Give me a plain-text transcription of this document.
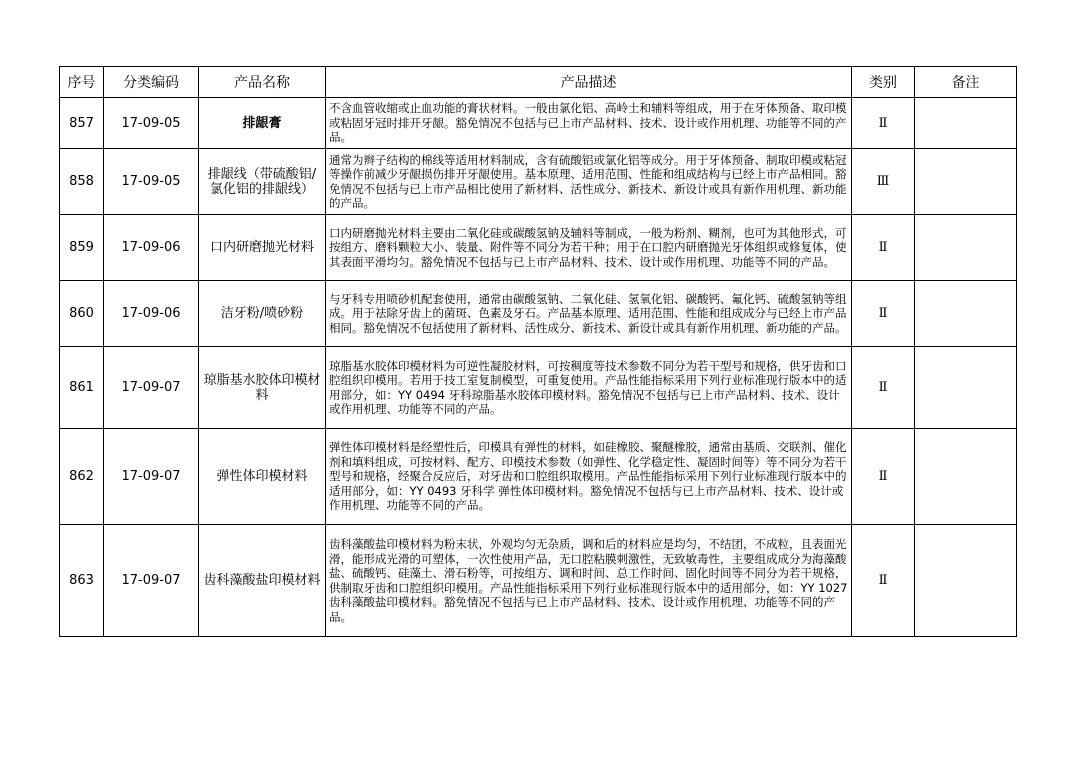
序号	分类编码	产品名称	产品描述	类别	备注
857	17-09-05	排龈膏	不含血管收缩或止血功能的膏状材料。一般由氯化铝、高岭土和辅料等组成，用于在牙体预备、取印模或粘固牙冠时排开牙龈。豁免情况不包括与已上市产品材料、技术、设计或作用机理、功能等不同的产品。	Ⅱ	
858	17-09-05	排龈线（带硫酸铝/氯化铝的排龈线）	通常为辫子结构的棉线等适用材料制成，含有硫酸铝或氯化铝等成分。用于牙体预备、制取印模或粘冠等操作前减少牙龈损伤排开牙龈使用。基本原理、适用范围、性能和组成结构与已经上市产品相同。豁免情况不包括与已上市产品相比使用了新材料、活性成分、新技术、新设计或具有新作用机理、新功能的产品。	Ⅲ	
859	17-09-06	口内研磨抛光材料	口内研磨抛光材料主要由二氧化硅或碳酸氢钠及辅料等制成，一般为粉剂、糊剂，也可为其他形式，可按组方、磨料颗粒大小、装量、附件等不同分为若干种；用于在口腔内研磨抛光牙体组织或修复体，使其表面平滑均匀。豁免情况不包括与已上市产品材料、技术、设计或作用机理、功能等不同的产品。	Ⅱ	
860	17-09-06	洁牙粉/喷砂粉	与牙科专用喷砂机配套使用，通常由碳酸氢钠、二氧化硅、氢氧化铝、碳酸钙、氟化钙、硫酸氢钠等组成。用于祛除牙齿上的菌斑、色素及牙石。产品基本原理、适用范围、性能和组成成分与已经上市产品相同。豁免情况不包括使用了新材料、活性成分、新技术、新设计或具有新作用机理、新功能的产品。	Ⅱ	
861	17-09-07	琼脂基水胶体印模材料	琼脂基水胶体印模材料为可逆性凝胶材料，可按稠度等技术参数不同分为若干型号和规格，供牙齿和口腔组织印模用。若用于技工室复制模型，可重复使用。产品性能指标采用下列行业标准现行版本中的适用部分，如：YY 0494 牙科琼脂基水胶体印模材料。豁免情况不包括与已上市产品材料、技术、设计或作用机理、功能等不同的产品。	Ⅱ	
862	17-09-07	弹性体印模材料	弹性体印模材料是经塑性后，印模具有弹性的材料，如硅橡胶、聚醚橡胶，通常由基质、交联剂、催化剂和填料组成，可按材料、配方、印模技术参数（如弹性、化学稳定性、凝固时间等）等不同分为若干型号和规格，经聚合反应后，对牙齿和口腔组织取模用。产品性能指标采用下列行业标准现行版本中的适用部分，如：YY 0493 牙科学 弹性体印模材料。豁免情况不包括与已上市产品材料、技术、设计或作用机理、功能等不同的产品。	Ⅱ	
863	17-09-07	齿科藻酸盐印模材料	齿科藻酸盐印模材料为粉末状，外观均匀无杂质，调和后的材料应是均匀，不结团，不成粒，且表面光滑，能形成光滑的可塑体，一次性使用产品，无口腔粘膜刺激性，无致敏毒性，主要组成成分为海藻酸盐、硫酸钙、硅藻土、滑石粉等，可按组方、调和时间、总工作时间、固化时间等不同分为若干规格，供制取牙齿和口腔组织印模用。产品性能指标采用下列行业标准现行版本中的适用部分，如：YY 1027 齿科藻酸盐印模材料。豁免情况不包括与已上市产品材料、技术、设计或作用机理、功能等不同的产品。	Ⅱ	
